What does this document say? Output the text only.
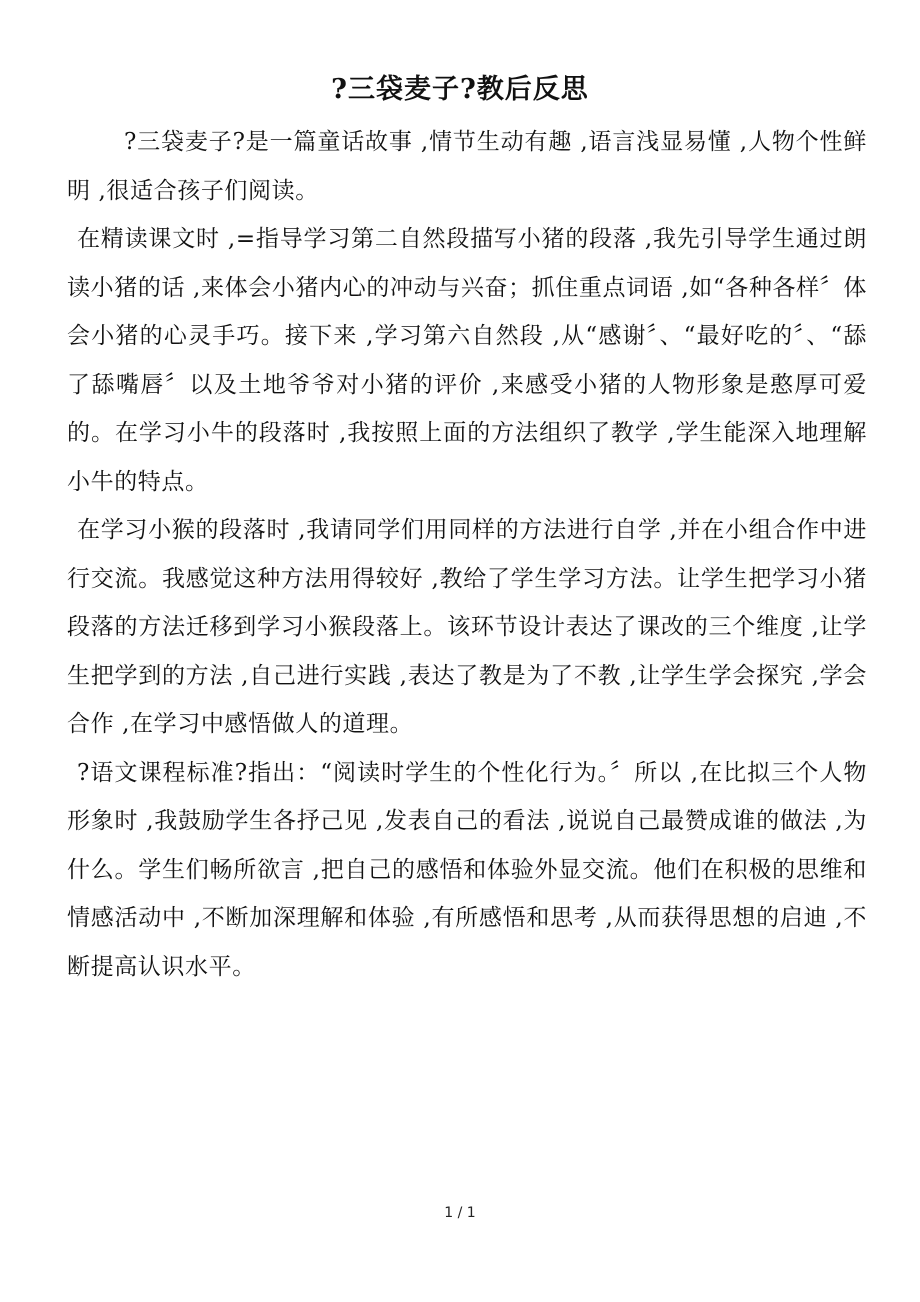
?三袋麦子?教后反思

?三袋麦子?是一篇童话故事 ,情节生动有趣 ,语言浅显易懂 ,人物个性鲜明 ,很适合孩子们阅读。

在精读课文时 ,=指导学习第二自然段描写小猪的段落 ,我先引导学生通过朗读小猪的话 ,来体会小猪内心的冲动与兴奋；抓住重点词语 ,如“各种各样〞体会小猪的心灵手巧。接下来 ,学习第六自然段 ,从“感谢〞、“最好吃的〞、“舔了舔嘴唇〞以及土地爷爷对小猪的评价 ,来感受小猪的人物形象是憨厚可爱的。在学习小牛的段落时 ,我按照上面的方法组织了教学 ,学生能深入地理解小牛的特点。

在学习小猴的段落时 ,我请同学们用同样的方法进行自学 ,并在小组合作中进行交流。我感觉这种方法用得较好 ,教给了学生学习方法。让学生把学习小猪段落的方法迁移到学习小猴段落上。该环节设计表达了课改的三个维度 ,让学生把学到的方法 ,自己进行实践 ,表达了教是为了不教 ,让学生学会探究 ,学会合作 ,在学习中感悟做人的道理。

?语文课程标准?指出：“阅读时学生的个性化行为。〞所以 ,在比拟三个人物形象时 ,我鼓励学生各抒己见 ,发表自己的看法 ,说说自己最赞成谁的做法 ,为什么。学生们畅所欲言 ,把自己的感悟和体验外显交流。他们在积极的思维和情感活动中 ,不断加深理解和体验 ,有所感悟和思考 ,从而获得思想的启迪 ,不断提高认识水平。

1 / 1
